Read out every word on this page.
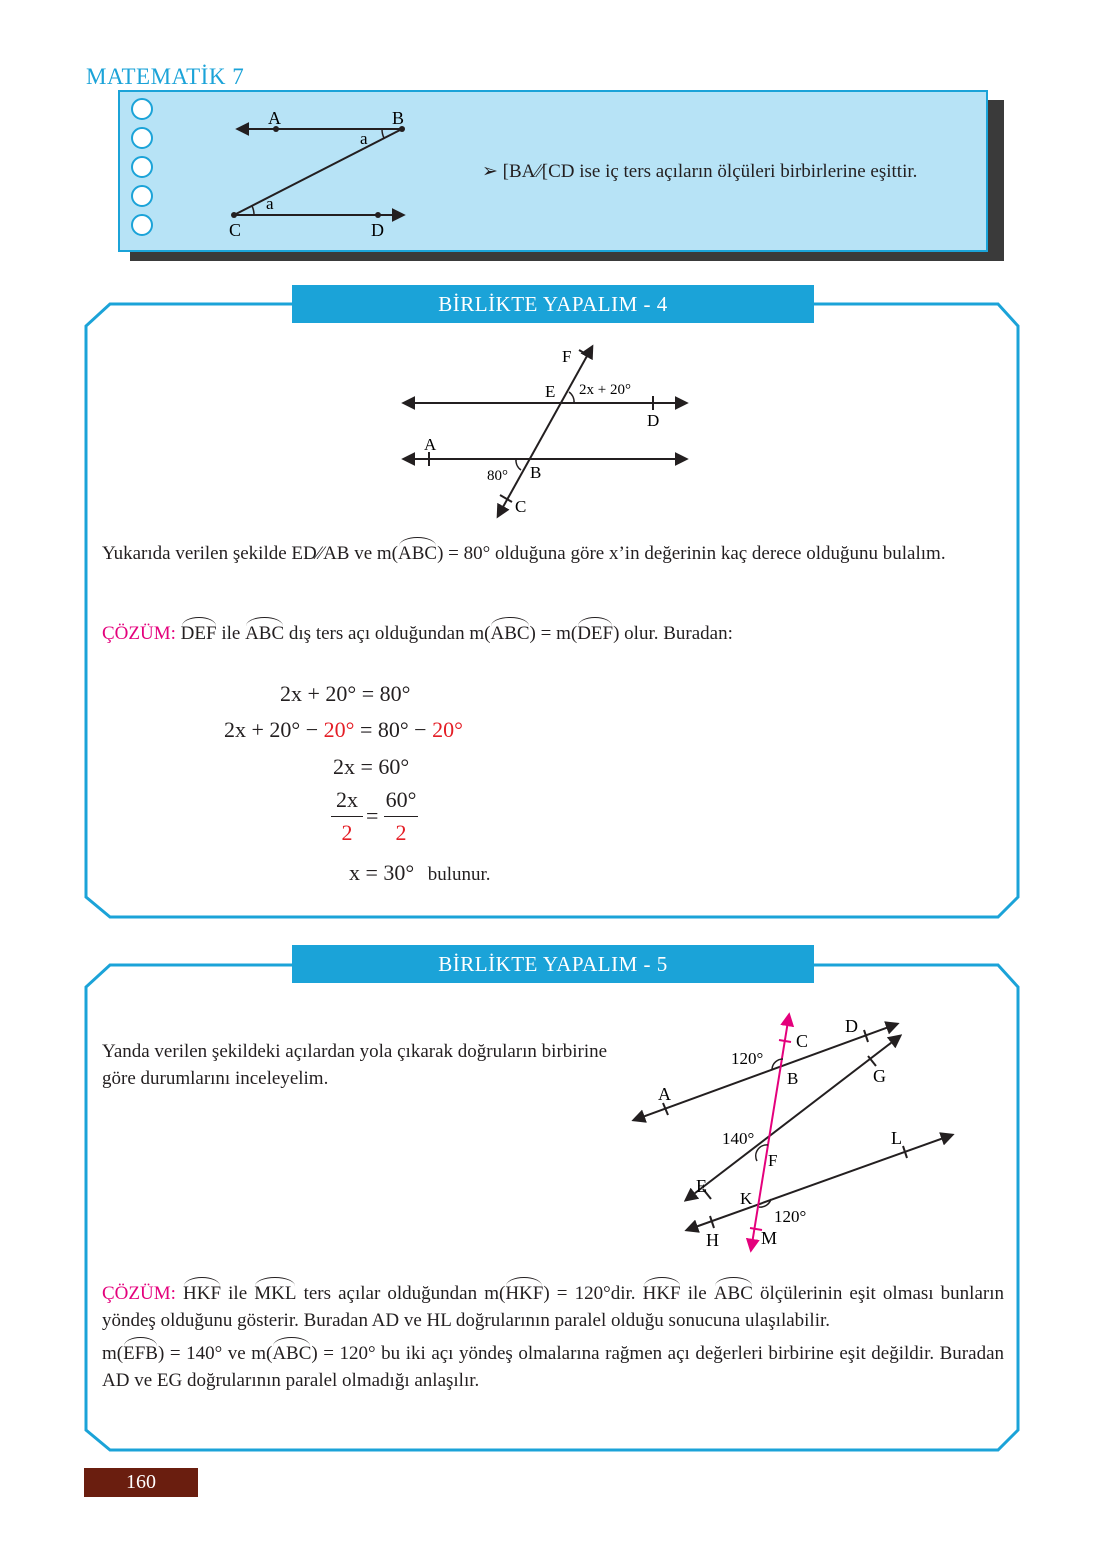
MATEMATİK 7
A	B
a
a
C	D
➢ [BA⁄⁄[CD ise iç ters açıların ölçüleri birbirlerine eşittir.
BİRLİKTE YAPALIM - 4
F
E 2x + 20°
D
A
B
80°
C
Yukarıda verilen şekilde ED⁄⁄AB ve m(ABC) = 80° olduğuna göre x’in değerinin kaç derece olduğunu bulalım.
ÇÖZÜM: DEF ile ABC dış ters açı olduğundan m(ABC) = m(DEF) olur. Buradan:
2x + 20° = 80°
2x + 20° − 20° = 80° − 20°
2x = 60°
$\frac{2x}{2} = \frac{60^\circ}{2}$
x = 30° bulunur.
BİRLİKTE YAPALIM - 5
Yanda verilen şekildeki açılardan yola çıkarak doğruların birbirine göre durumlarını inceleyelim.
D
C
120°
B	G
A
140°
F
L
E
K
120°
H M
ÇÖZÜM: HKF ile MKL ters açılar olduğundan m(HKF) = 120°dir. HKF ile ABC ölçülerinin eşit olması bunların yöndeş olduğunu gösterir. Buradan AD ve HL doğrularının paralel olduğu sonucuna ulaşılabilir.
m(EFB) = 140° ve m(ABC) = 120° bu iki açı yöndeş olmalarına rağmen açı değerleri birbirine eşit değildir. Buradan AD ve EG doğrularının paralel olmadığı anlaşılır.
160
